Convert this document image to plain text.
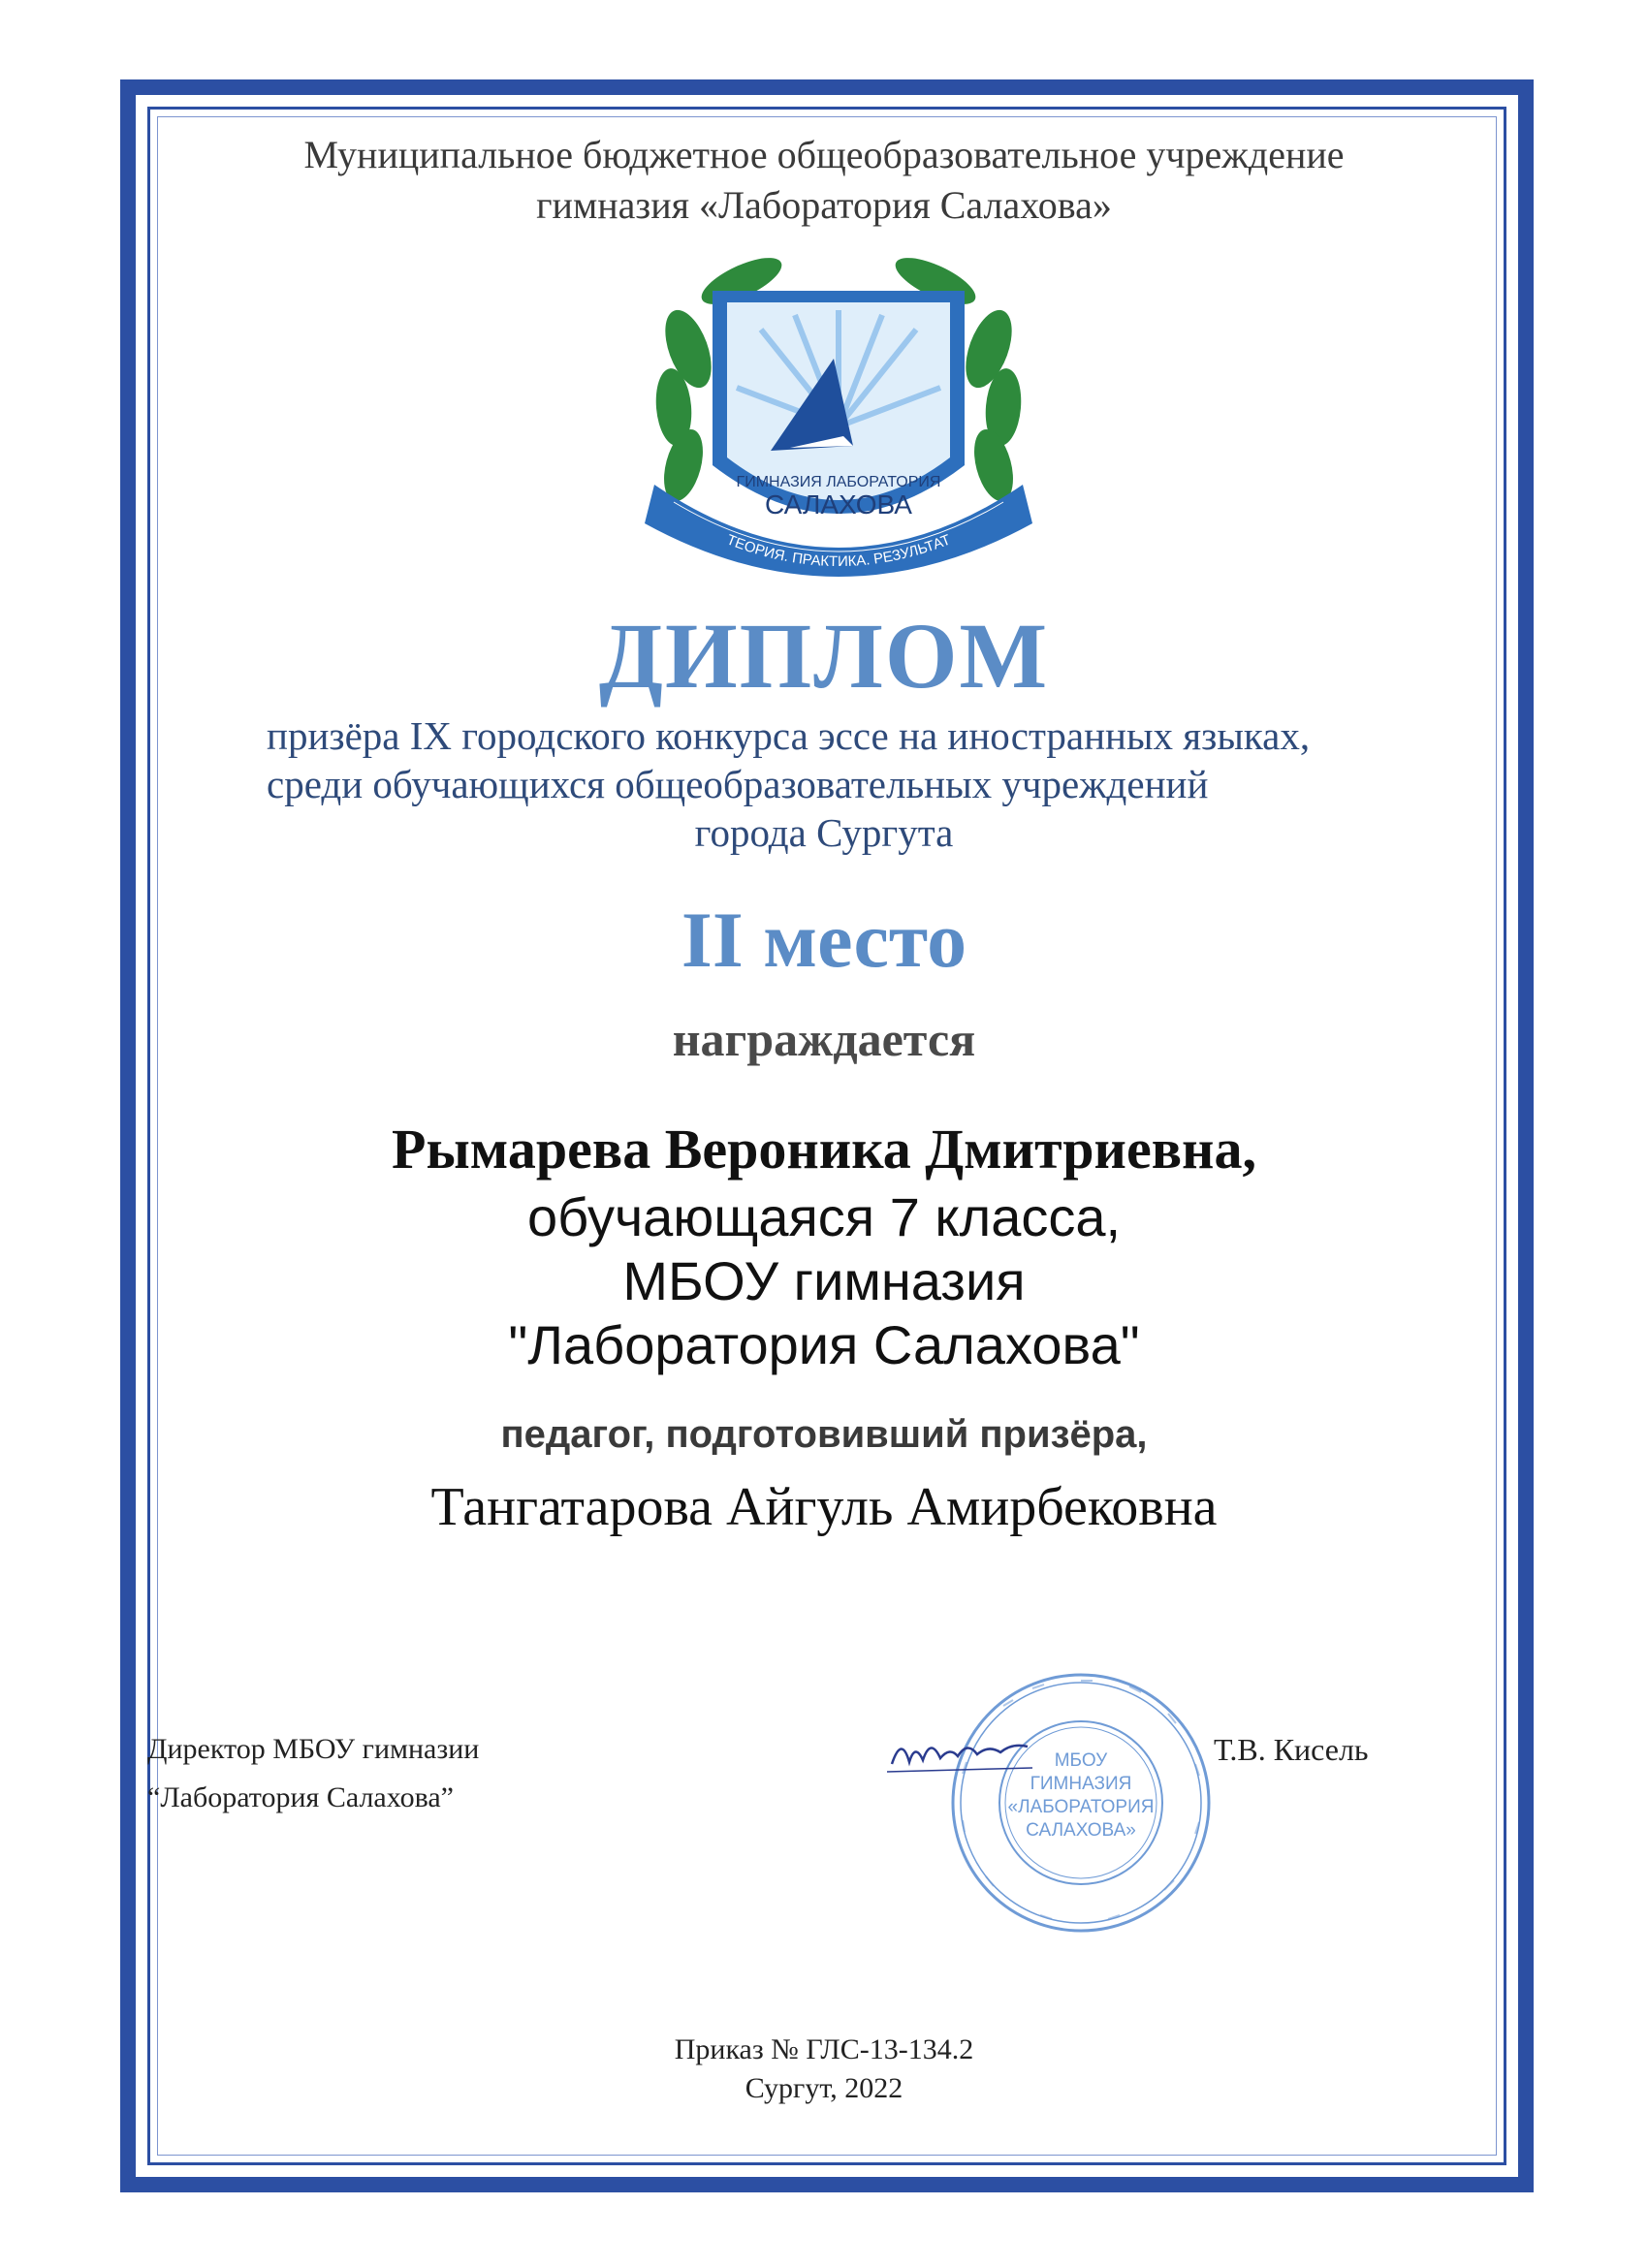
Муниципальное бюджетное общеобразовательное учреждение
гимназия «Лаборатория Салахова»
ГИМНАЗИЯ ЛАБОРАТОРИЯ
САЛАХОВА
ТЕОРИЯ. ПРАКТИКА. РЕЗУЛЬТАТ
ДИПЛОМ
призёра IX городского конкурса эссе на иностранных языках,
среди обучающихся общеобразовательных учреждений
города Сургута
II место
награждается
Рымарева Вероника Дмитриевна,
обучающаяся 7 класса,
МБОУ гимназия
"Лаборатория Салахова"
педагог, подготовивший призёра,
Тангатарова Айгуль Амирбековна
Директор МБОУ гимназии
“Лаборатория Салахова”
МБОУ
ГИМНАЗИЯ
«ЛАБОРАТОРИЯ
САЛАХОВА»
Т.В. Кисель
Приказ № ГЛС-13-134.2
Сургут, 2022
